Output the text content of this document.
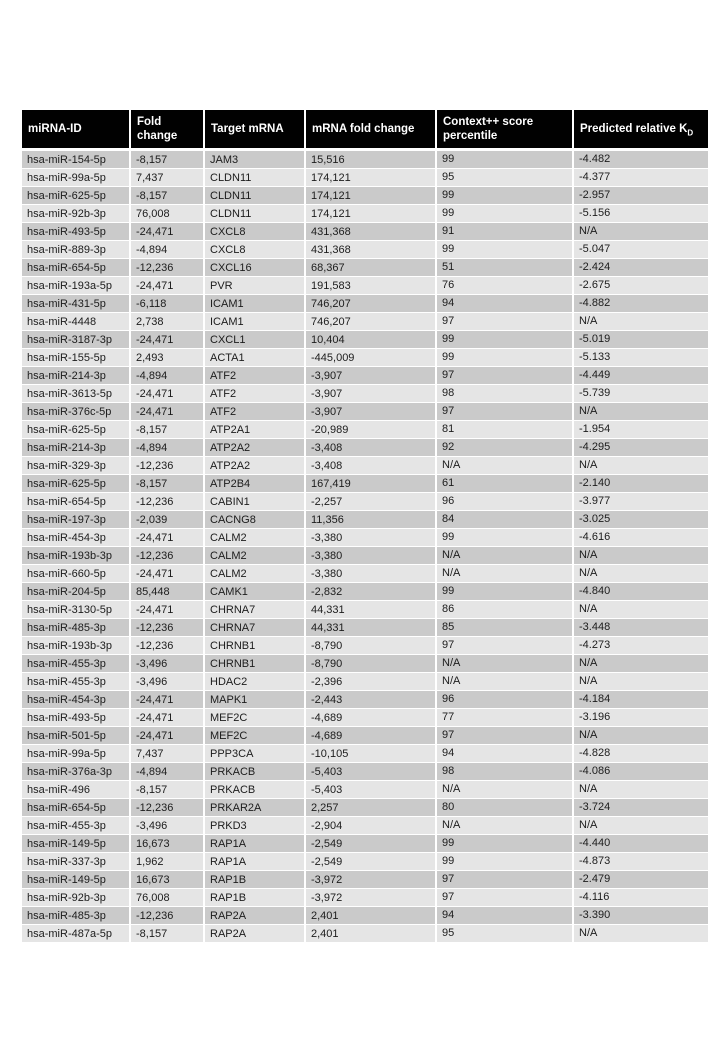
miRNA-ID	Fold change	Target mRNA	mRNA fold change	Context++ score percentile	Predicted relative $K_D$
hsa-miR-154-5p	-8,157	JAM3	15,516	99	-4.482
hsa-miR-99a-5p	7,437	CLDN11	174,121	95	-4.377
hsa-miR-625-5p	-8,157	CLDN11	174,121	99	-2.957
hsa-miR-92b-3p	76,008	CLDN11	174,121	99	-5.156
hsa-miR-493-5p	-24,471	CXCL8	431,368	91	N/A
hsa-miR-889-3p	-4,894	CXCL8	431,368	99	-5.047
hsa-miR-654-5p	-12,236	CXCL16	68,367	51	-2.424
hsa-miR-193a-5p	-24,471	PVR	191,583	76	-2.675
hsa-miR-431-5p	-6,118	ICAM1	746,207	94	-4.882
hsa-miR-4448	2,738	ICAM1	746,207	97	N/A
hsa-miR-3187-3p	-24,471	CXCL1	10,404	99	-5.019
hsa-miR-155-5p	2,493	ACTA1	-445,009	99	-5.133
hsa-miR-214-3p	-4,894	ATF2	-3,907	97	-4.449
hsa-miR-3613-5p	-24,471	ATF2	-3,907	98	-5.739
hsa-miR-376c-5p	-24,471	ATF2	-3,907	97	N/A
hsa-miR-625-5p	-8,157	ATP2A1	-20,989	81	-1.954
hsa-miR-214-3p	-4,894	ATP2A2	-3,408	92	-4.295
hsa-miR-329-3p	-12,236	ATP2A2	-3,408	N/A	N/A
hsa-miR-625-5p	-8,157	ATP2B4	167,419	61	-2.140
hsa-miR-654-5p	-12,236	CABIN1	-2,257	96	-3.977
hsa-miR-197-3p	-2,039	CACNG8	11,356	84	-3.025
hsa-miR-454-3p	-24,471	CALM2	-3,380	99	-4.616
hsa-miR-193b-3p	-12,236	CALM2	-3,380	N/A	N/A
hsa-miR-660-5p	-24,471	CALM2	-3,380	N/A	N/A
hsa-miR-204-5p	85,448	CAMK1	-2,832	99	-4.840
hsa-miR-3130-5p	-24,471	CHRNA7	44,331	86	N/A
hsa-miR-485-3p	-12,236	CHRNA7	44,331	85	-3.448
hsa-miR-193b-3p	-12,236	CHRNB1	-8,790	97	-4.273
hsa-miR-455-3p	-3,496	CHRNB1	-8,790	N/A	N/A
hsa-miR-455-3p	-3,496	HDAC2	-2,396	N/A	N/A
hsa-miR-454-3p	-24,471	MAPK1	-2,443	96	-4.184
hsa-miR-493-5p	-24,471	MEF2C	-4,689	77	-3.196
hsa-miR-501-5p	-24,471	MEF2C	-4,689	97	N/A
hsa-miR-99a-5p	7,437	PPP3CA	-10,105	94	-4.828
hsa-miR-376a-3p	-4,894	PRKACB	-5,403	98	-4.086
hsa-miR-496	-8,157	PRKACB	-5,403	N/A	N/A
hsa-miR-654-5p	-12,236	PRKAR2A	2,257	80	-3.724
hsa-miR-455-3p	-3,496	PRKD3	-2,904	N/A	N/A
hsa-miR-149-5p	16,673	RAP1A	-2,549	99	-4.440
hsa-miR-337-3p	1,962	RAP1A	-2,549	99	-4.873
hsa-miR-149-5p	16,673	RAP1B	-3,972	97	-2.479
hsa-miR-92b-3p	76,008	RAP1B	-3,972	97	-4.116
hsa-miR-485-3p	-12,236	RAP2A	2,401	94	-3.390
hsa-miR-487a-5p	-8,157	RAP2A	2,401	95	N/A
